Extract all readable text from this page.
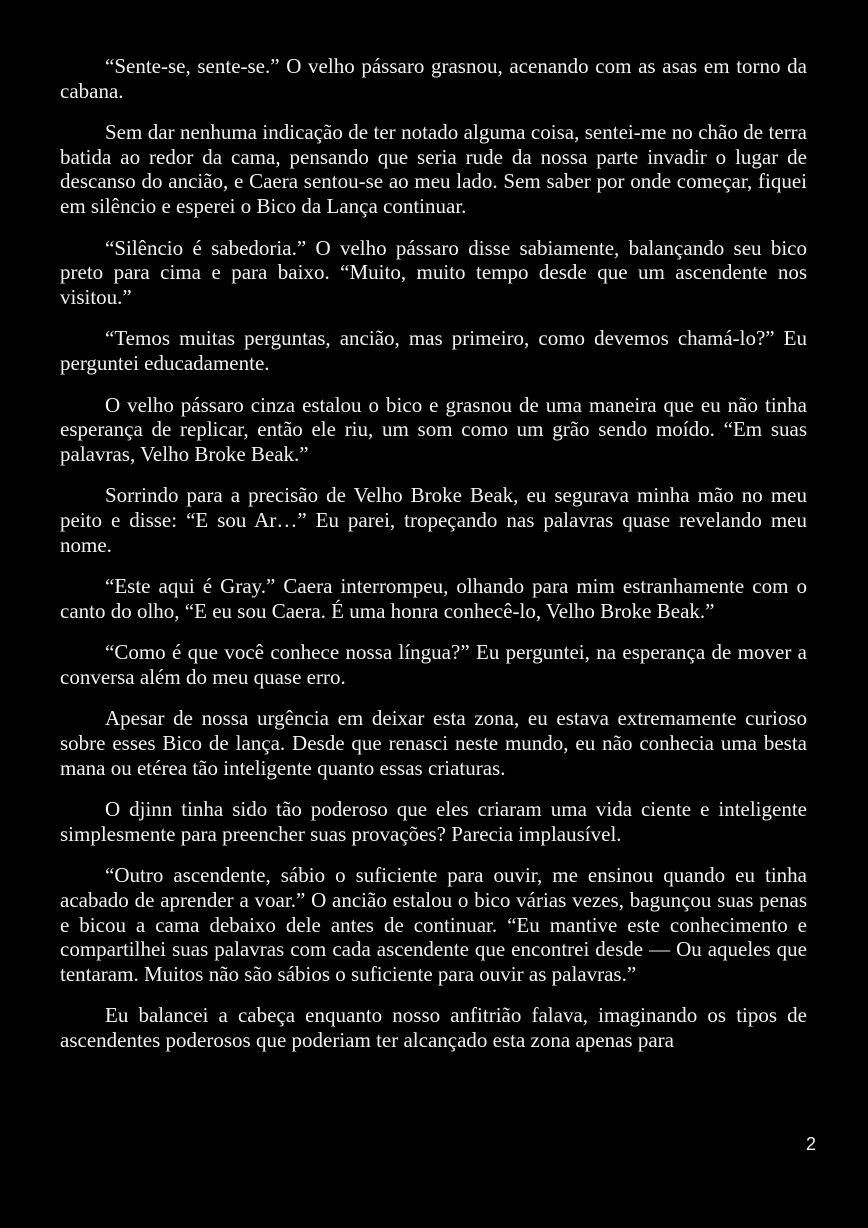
“Sente-se, sente-se.” O velho pássaro grasnou, acenando com as asas em torno da cabana.

Sem dar nenhuma indicação de ter notado alguma coisa, sentei-me no chão de terra batida ao redor da cama, pensando que seria rude da nossa parte invadir o lugar de descanso do ancião, e Caera sentou-se ao meu lado. Sem saber por onde começar, fiquei em silêncio e esperei o Bico da Lança continuar.

“Silêncio é sabedoria.” O velho pássaro disse sabiamente, balançando seu bico preto para cima e para baixo. “Muito, muito tempo desde que um ascendente nos visitou.”

“Temos muitas perguntas, ancião, mas primeiro, como devemos chamá-lo?” Eu perguntei educadamente.

O velho pássaro cinza estalou o bico e grasnou de uma maneira que eu não tinha esperança de replicar, então ele riu, um som como um grão sendo moído. “Em suas palavras, Velho Broke Beak.”

Sorrindo para a precisão de Velho Broke Beak, eu segurava minha mão no meu peito e disse: “E sou Ar…” Eu parei, tropeçando nas palavras quase revelando meu nome.

“Este aqui é Gray.” Caera interrompeu, olhando para mim estranhamente com o canto do olho, “E eu sou Caera. É uma honra conhecê-lo, Velho Broke Beak.”

“Como é que você conhece nossa língua?” Eu perguntei, na esperança de mover a conversa além do meu quase erro.

Apesar de nossa urgência em deixar esta zona, eu estava extremamente curioso sobre esses Bico de lança. Desde que renasci neste mundo, eu não conhecia uma besta mana ou etérea tão inteligente quanto essas criaturas.

O djinn tinha sido tão poderoso que eles criaram uma vida ciente e inteligente simplesmente para preencher suas provações? Parecia implausível.

“Outro ascendente, sábio o suficiente para ouvir, me ensinou quando eu tinha acabado de aprender a voar.” O ancião estalou o bico várias vezes, bagunçou suas penas e bicou a cama debaixo dele antes de continuar. “Eu mantive este conhecimento e compartilhei suas palavras com cada ascendente que encontrei desde — Ou aqueles que tentaram. Muitos não são sábios o suficiente para ouvir as palavras.”

Eu balancei a cabeça enquanto nosso anfitrião falava, imaginando os tipos de ascendentes poderosos que poderiam ter alcançado esta zona apenas para

2
